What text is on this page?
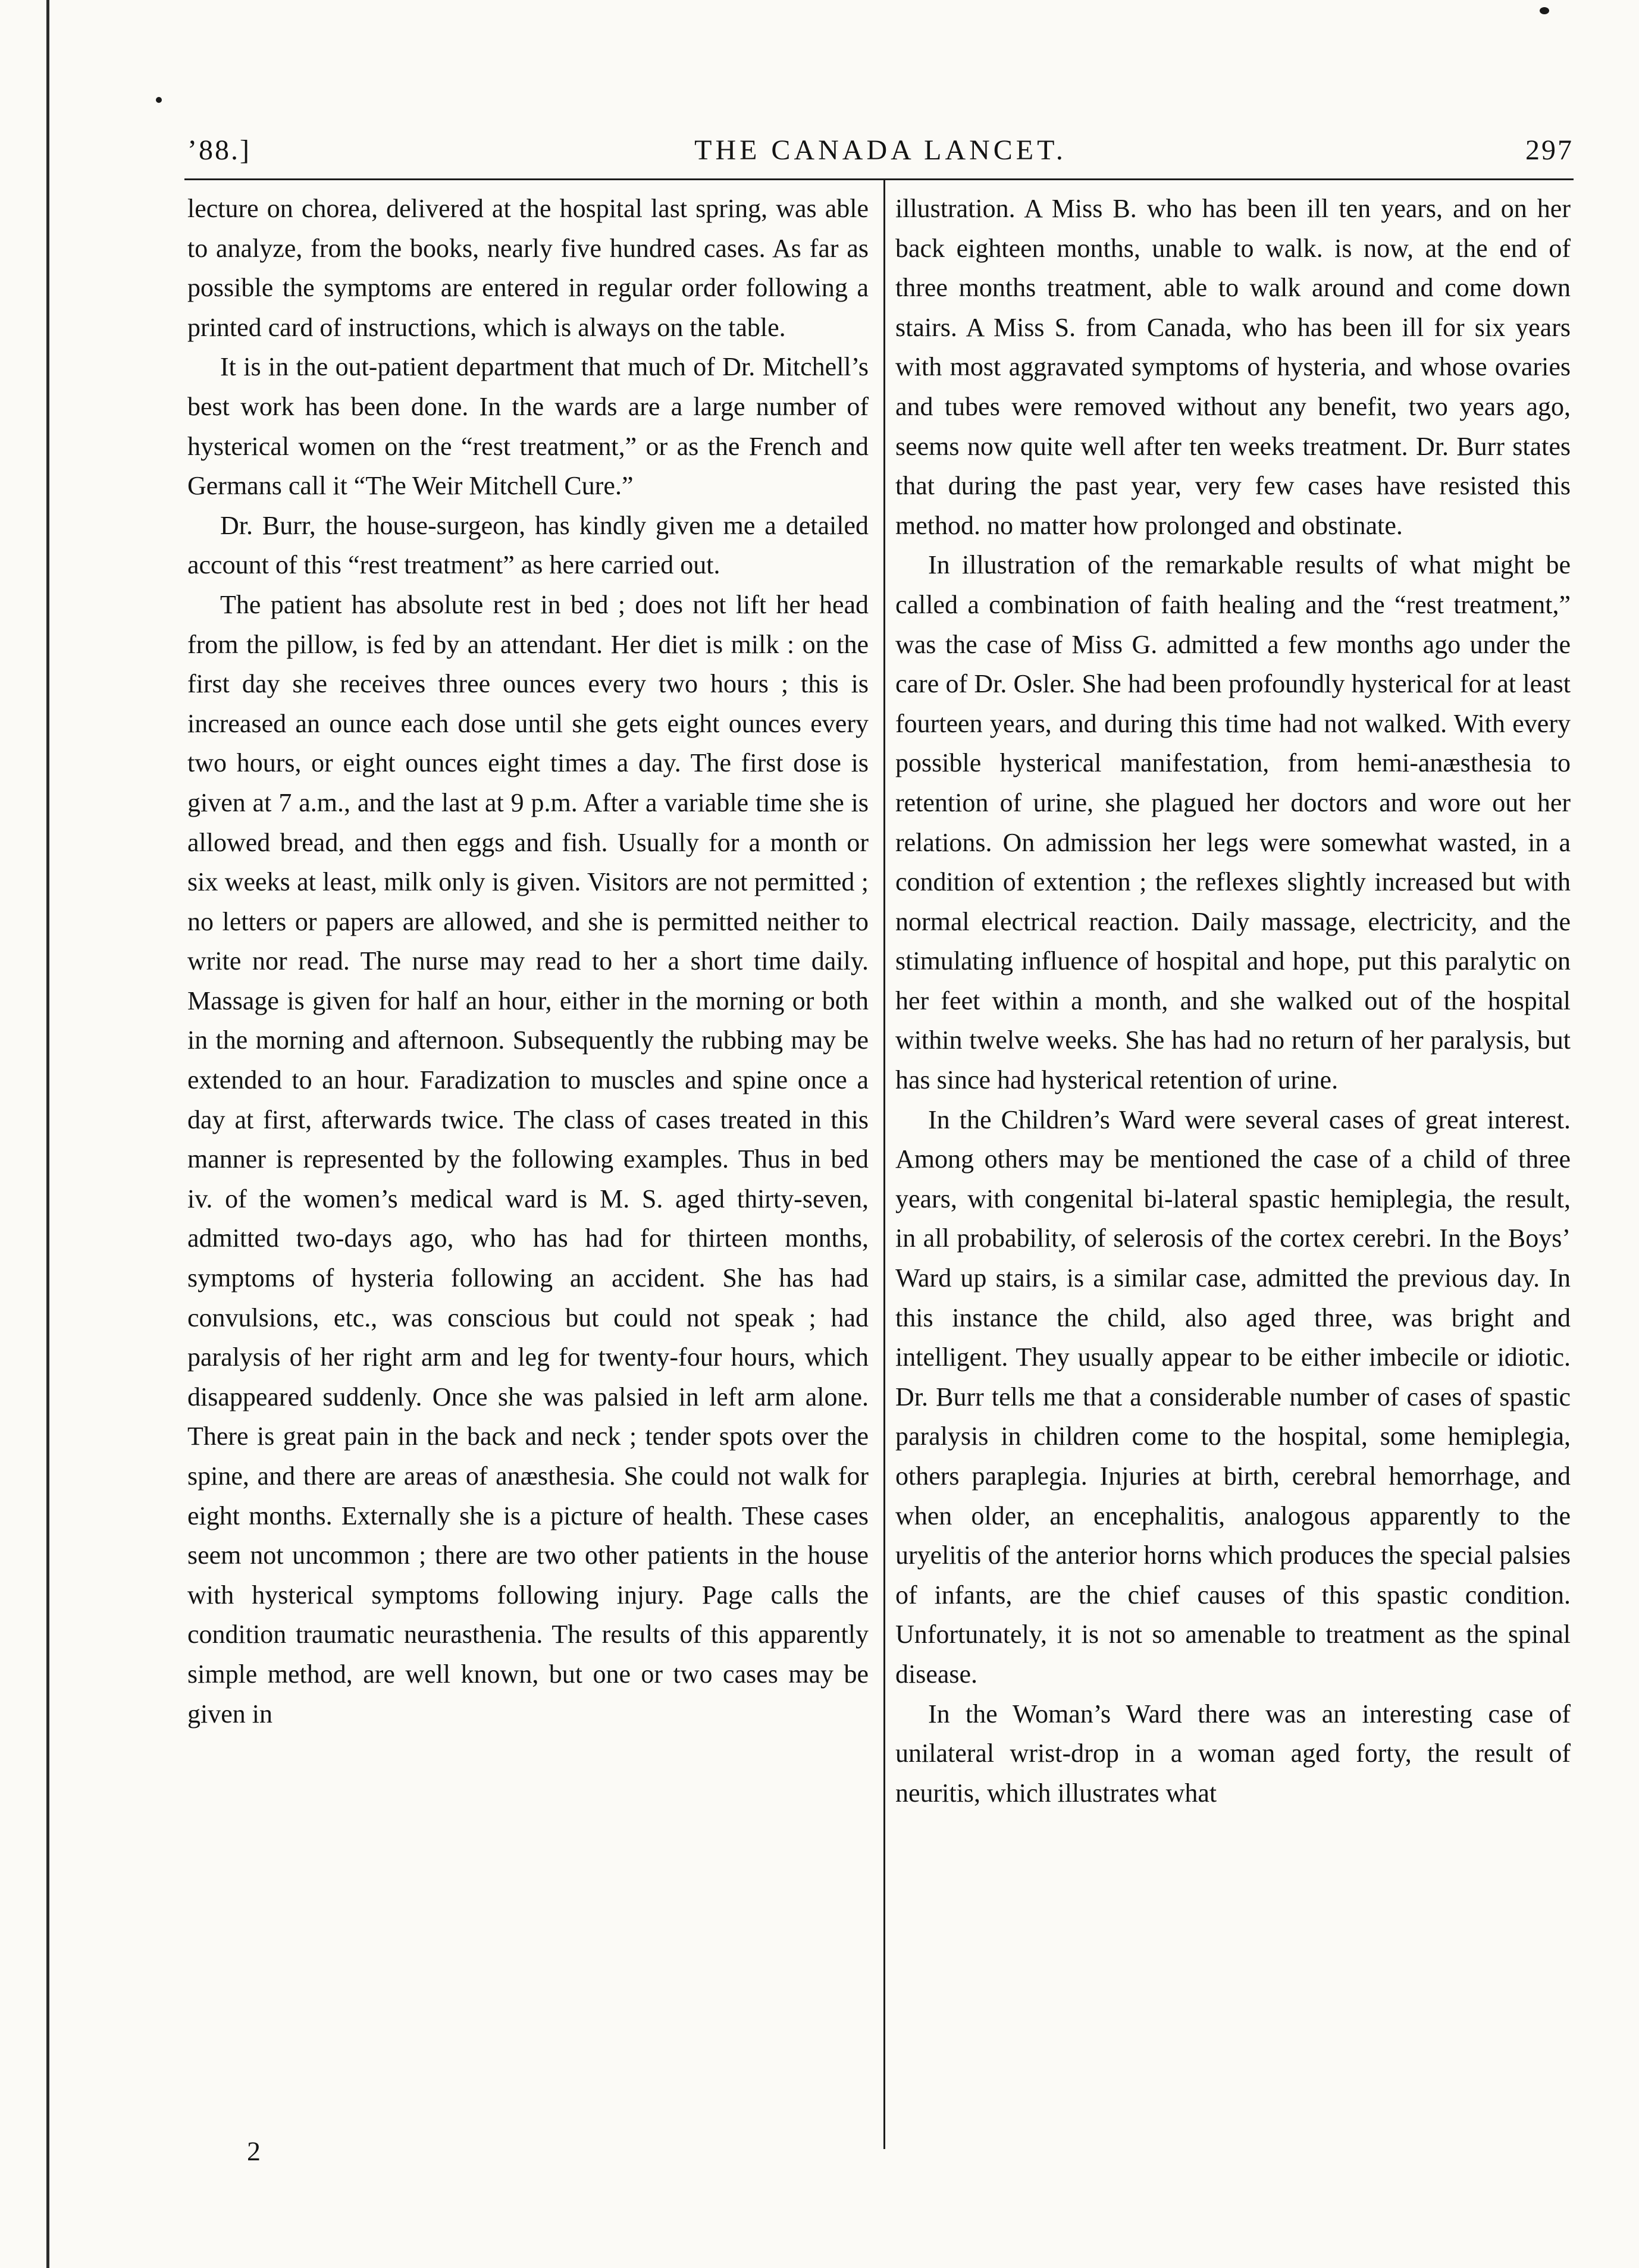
’88.]	THE CANADA LANCET.	297

lecture on chorea, delivered at the hospital last spring, was able to analyze, from the books, nearly five hundred cases. As far as possible the symptoms are entered in regular order following a printed card of instructions, which is always on the table.

It is in the out-patient department that much of Dr. Mitchell’s best work has been done. In the wards are a large number of hysterical women on the “rest treatment,” or as the French and Germans call it “The Weir Mitchell Cure.”

Dr. Burr, the house-surgeon, has kindly given me a detailed account of this “rest treatment” as here carried out.

The patient has absolute rest in bed ; does not lift her head from the pillow, is fed by an attendant. Her diet is milk : on the first day she receives three ounces every two hours ; this is increased an ounce each dose until she gets eight ounces every two hours, or eight ounces eight times a day. The first dose is given at 7 a.m., and the last at 9 p.m. After a variable time she is allowed bread, and then eggs and fish. Usually for a month or six weeks at least, milk only is given. Visitors are not permitted ; no letters or papers are allowed, and she is permitted neither to write nor read. The nurse may read to her a short time daily. Massage is given for half an hour, either in the morning or both in the morning and afternoon. Subsequently the rubbing may be extended to an hour. Faradization to muscles and spine once a day at first, afterwards twice. The class of cases treated in this manner is represented by the following examples. Thus in bed iv. of the women’s medical ward is M. S. aged thirty-seven, admitted two-days ago, who has had for thirteen months, symptoms of hysteria following an accident. She has had convulsions, etc., was conscious but could not speak ; had paralysis of her right arm and leg for twenty-four hours, which disappeared suddenly. Once she was palsied in left arm alone. There is great pain in the back and neck ; tender spots over the spine, and there are areas of anæsthesia. She could not walk for eight months. Externally she is a picture of health. These cases seem not uncommon ; there are two other patients in the house with hysterical symptoms following injury. Page calls the condition traumatic neurasthenia. The results of this apparently simple method, are well known, but one or two cases may be given in

illustration. A Miss B. who has been ill ten years, and on her back eighteen months, unable to walk. is now, at the end of three months treatment, able to walk around and come down stairs. A Miss S. from Canada, who has been ill for six years with most aggravated symptoms of hysteria, and whose ovaries and tubes were removed without any benefit, two years ago, seems now quite well after ten weeks treatment. Dr. Burr states that during the past year, very few cases have resisted this method. no matter how prolonged and obstinate.

In illustration of the remarkable results of what might be called a combination of faith healing and the “rest treatment,” was the case of Miss G. admitted a few months ago under the care of Dr. Osler. She had been profoundly hysterical for at least fourteen years, and during this time had not walked. With every possible hysterical manifestation, from hemi-anæsthesia to retention of urine, she plagued her doctors and wore out her relations. On admission her legs were somewhat wasted, in a condition of extention ; the reflexes slightly increased but with normal electrical reaction. Daily massage, electricity, and the stimulating influence of hospital and hope, put this paralytic on her feet within a month, and she walked out of the hospital within twelve weeks. She has had no return of her paralysis, but has since had hysterical retention of urine.

In the Children’s Ward were several cases of great interest. Among others may be mentioned the case of a child of three years, with congenital bi-lateral spastic hemiplegia, the result, in all probability, of selerosis of the cortex cerebri. In the Boys’ Ward up stairs, is a similar case, admitted the previous day. In this instance the child, also aged three, was bright and intelligent. They usually appear to be either imbecile or idiotic. Dr. Burr tells me that a considerable number of cases of spastic paralysis in children come to the hospital, some hemiplegia, others paraplegia. Injuries at birth, cerebral hemorrhage, and when older, an encephalitis, analogous apparently to the uryelitis of the anterior horns which produces the special palsies of infants, are the chief causes of this spastic condition. Unfortunately, it is not so amenable to treatment as the spinal disease.

In the Woman’s Ward there was an interesting case of unilateral wrist-drop in a woman aged forty, the result of neuritis, which illustrates what

2
